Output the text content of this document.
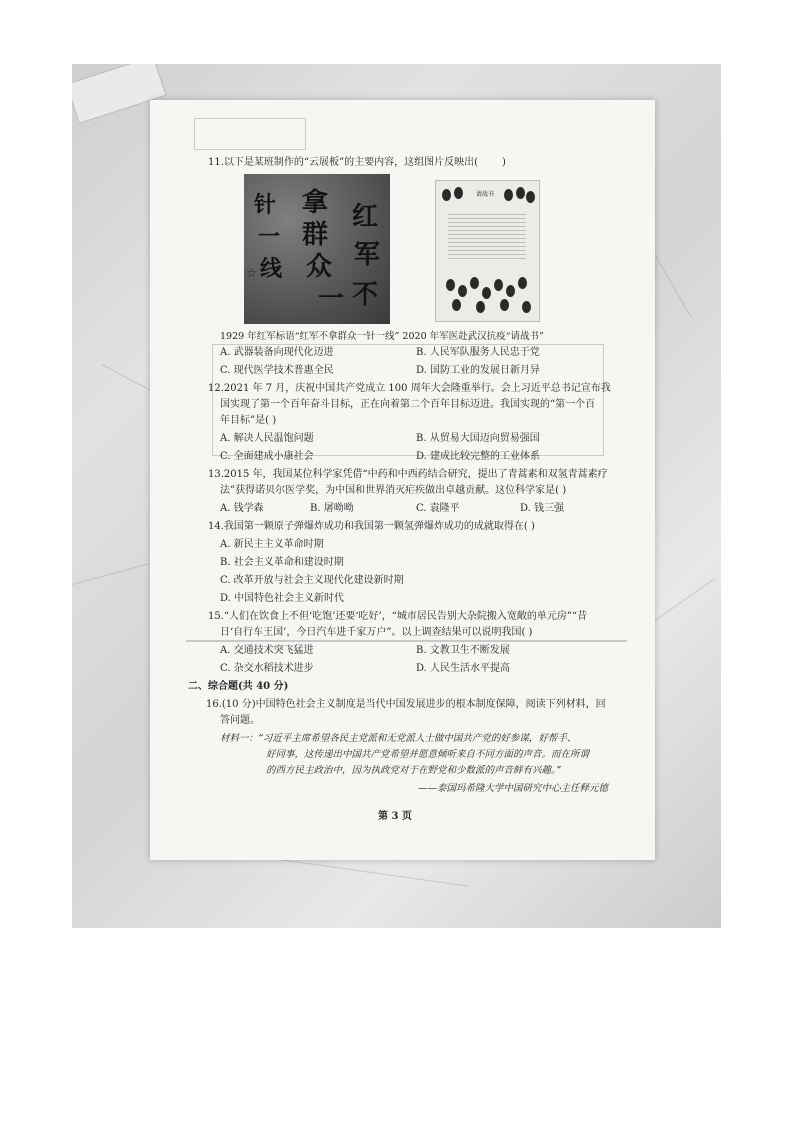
11.以下是某班制作的“云展板”的主要内容，这组图片反映出( )
拿 红
针
群
军
一
众
线
一 不
☆
请战书
1929 年红军标语“红军不拿群众一针一线” 2020 年军医赴武汉抗疫“请战书”
A. 武器装备向现代化迈进	B. 人民军队服务人民忠于党
C. 现代医学技术普惠全民	D. 国防工业的发展日新月异
12.2021 年 7 月，庆祝中国共产党成立 100 周年大会隆重举行。会上习近平总书记宣布我
国实现了第一个百年奋斗目标，正在向着第二个百年目标迈进。我国实现的“第一个百
年目标”是( )
A. 解决人民温饱问题	B. 从贸易大国迈向贸易强国
C. 全面建成小康社会	D. 建成比较完整的工业体系
13.2015 年，我国某位科学家凭借“中药和中西药结合研究，提出了青蒿素和双氢青蒿素疗
法”获得诺贝尔医学奖，为中国和世界消灭疟疾做出卓越贡献。这位科学家是( )
A. 钱学森	B. 屠呦呦	C. 袁隆平	D. 钱三强
14.我国第一颗原子弹爆炸成功和我国第一颗氢弹爆炸成功的成就取得在( )
A. 新民主主义革命时期
B. 社会主义革命和建设时期
C. 改革开放与社会主义现代化建设新时期
D. 中国特色社会主义新时代
15.“人们在饮食上不但‘吃饱’还要‘吃好’，“城市居民告别大杂院搬入宽敞的单元房”“昔
日‘自行车王国’，今日汽车进千家万户”。以上调查结果可以说明我国( )
A. 交通技术突飞猛进	B. 文教卫生不断发展
C. 杂交水稻技术进步	D. 人民生活水平提高
二、综合题(共 40 分)
16.(10 分)中国特色社会主义制度是当代中国发展进步的根本制度保障，阅读下列材料，回
答问题。
材料一：“习近平主席希望各民主党派和无党派人士做中国共产党的好参谋，好帮手、
好同事，这传递出中国共产党希望并愿意倾听来自不同方面的声音。而在所谓
的西方民主政治中，因为执政党对于在野党和少数派的声音鲜有兴趣。”
——泰国玛希隆大学中国研究中心主任释元德
第 3 页
